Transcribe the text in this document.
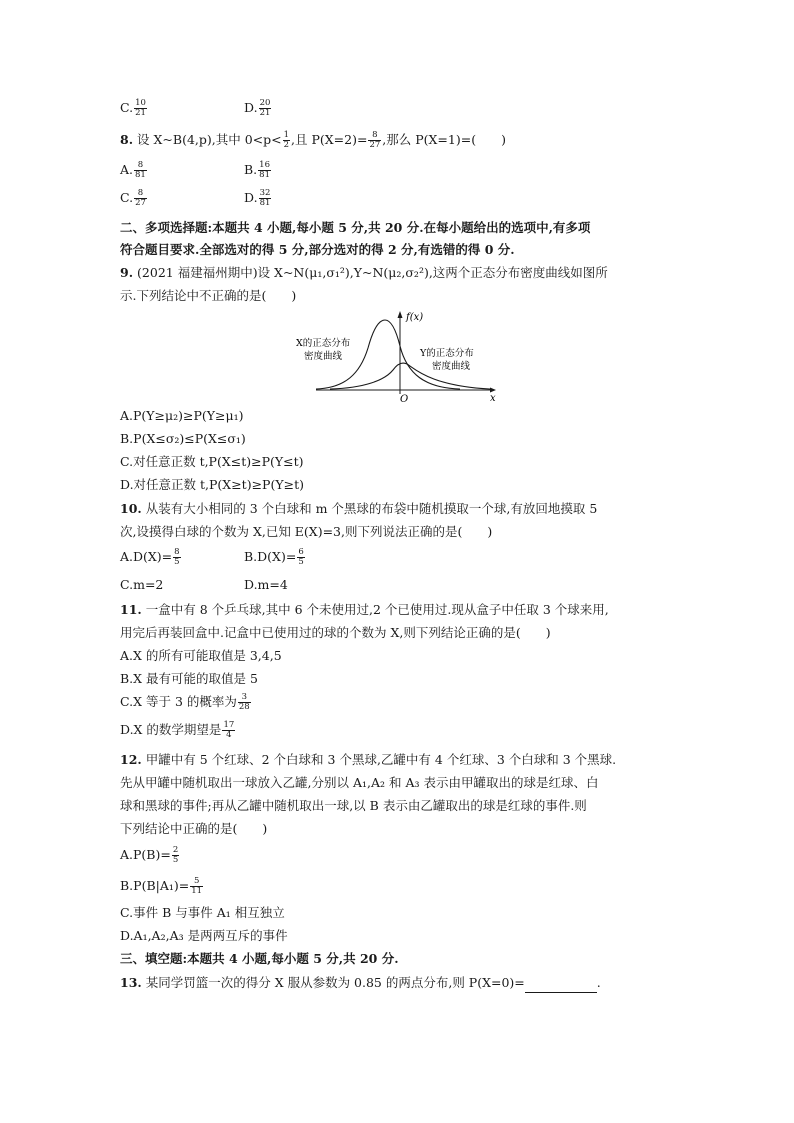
C. $\frac{10}{21}$	D. $\frac{20}{21}$
8. 设 X~B(4,p),其中 $0<p< \frac{1}{2}$ ,且 $P(X=2)= \frac{8}{27}$ ,那么 P(X=1)=(　　)
A. $\frac{8}{81}$	B. $\frac{16}{81}$
C. $\frac{8}{27}$	D. $\frac{32}{81}$
二、多项选择题:本题共 4 小题,每小题 5 分,共 20 分.在每小题给出的选项中,有多项
符合题目要求.全部选对的得 5 分,部分选对的得 2 分,有选错的得 0 分.
9. (2021 福建福州期中)设 X~N(μ₁,σ₁²),Y~N(μ₂,σ₂²),这两个正态分布密度曲线如图所
示.下列结论中不正确的是(　　)
f(x)
x
O
X的正态分布
密度曲线	Y的正态分布
密度曲线
A.P(Y≥μ₂)≥P(Y≥μ₁)
B.P(X≤σ₂)≤P(X≤σ₁)
C.对任意正数 t,P(X≤t)≥P(Y≤t)
D.对任意正数 t,P(X≥t)≥P(Y≥t)
10. 从装有大小相同的 3 个白球和 m 个黑球的布袋中随机摸取一个球,有放回地摸取 5
次,设摸得白球的个数为 X,已知 E(X)=3,则下列说法正确的是(　　)
$A.D(X)= \frac{8}{5}$	$B.D(X)= \frac{6}{5}$
C.m=2	D.m=4
11. 一盒中有 8 个乒乓球,其中 6 个未使用过,2 个已使用过.现从盒子中任取 3 个球来用,
用完后再装回盒中.记盒中已使用过的球的个数为 X,则下列结论正确的是(　　)
A.X 的所有可能取值是 3,4,5
B.X 最有可能的取值是 5
C.X 等于 3 的概率为 $\frac{3}{28}$
D.X 的数学期望是 $\frac{17}{4}$
12. 甲罐中有 5 个红球、2 个白球和 3 个黑球,乙罐中有 4 个红球、3 个白球和 3 个黑球.
先从甲罐中随机取出一球放入乙罐,分别以 A₁,A₂ 和 A₃ 表示由甲罐取出的球是红球、白
球和黑球的事件;再从乙罐中随机取出一球,以 B 表示由乙罐取出的球是红球的事件.则
下列结论中正确的是(　　)
$A.P(B)= \frac{2}{5}$
$B.P(B|A_1)= \frac{5}{11}$
C.事件 B 与事件 A₁ 相互独立
D.A₁,A₂,A₃ 是两两互斥的事件
三、填空题:本题共 4 小题,每小题 5 分,共 20 分.
13. 某同学罚篮一次的得分 X 服从参数为 0.85 的两点分布,则 P(X=0)=	.
